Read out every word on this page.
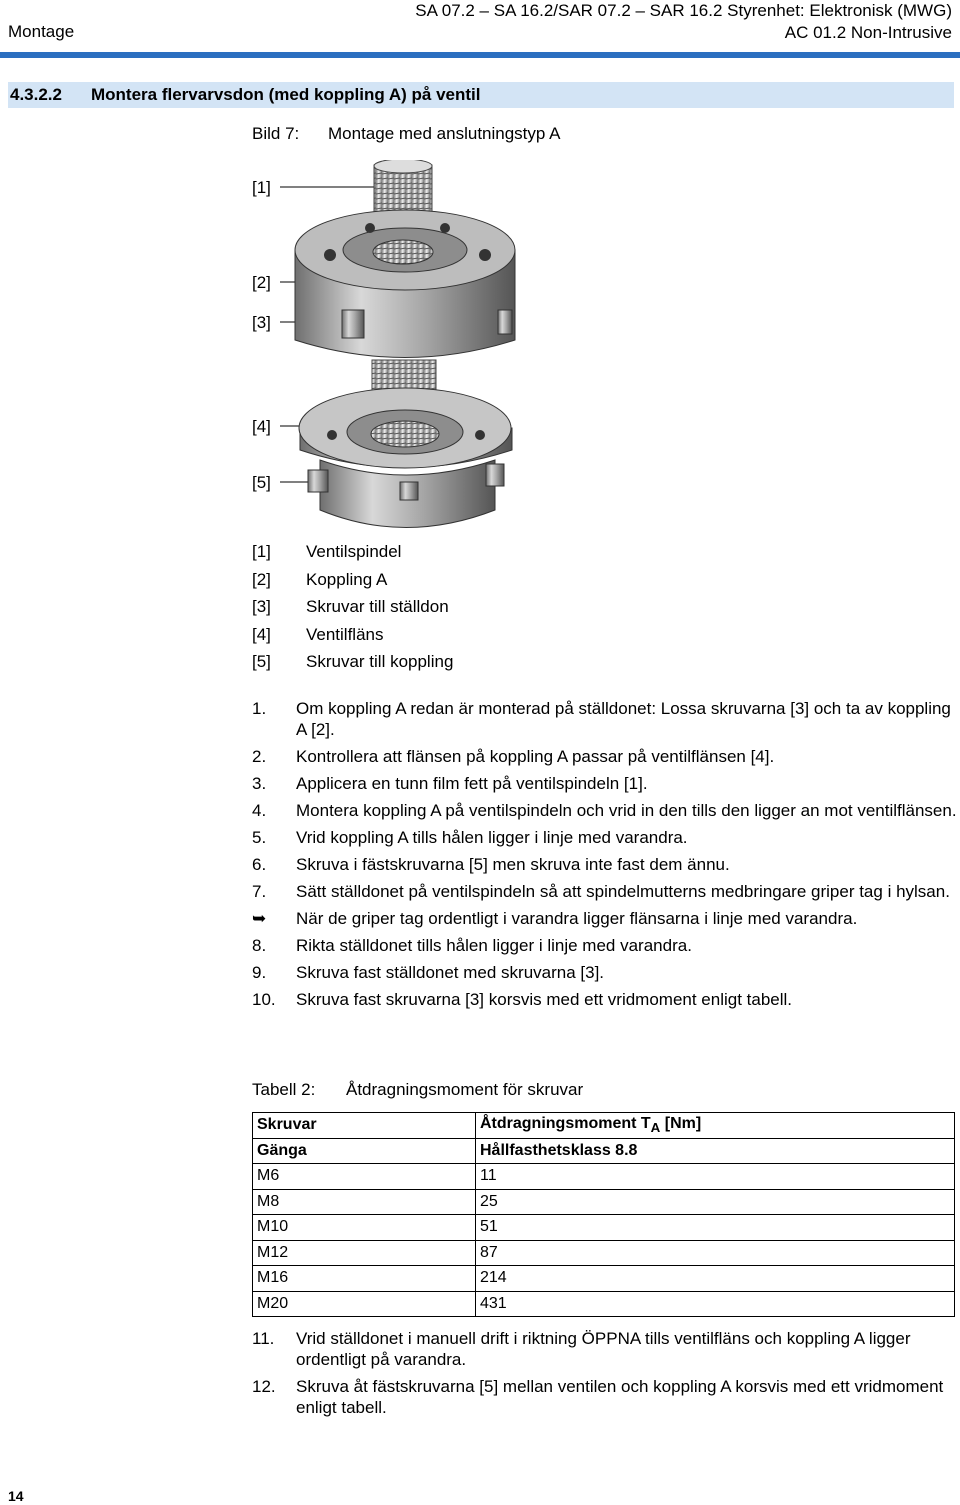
Montage
SA 07.2 – SA 16.2/SAR 07.2 – SAR 16.2 Styrenhet: Elektronisk (MWG)
AC 01.2 Non-Intrusive
4.3.2.2 Montera flervarvsdon (med koppling A) på ventil
Bild 7: Montage med anslutningstyp A
[1]
[2]
[3]
[4]
[5]
[1] Ventilspindel
[2] Koppling A
[3] Skruvar till ställdon
[4] Ventilfläns
[5] Skruvar till koppling
1. Om koppling A redan är monterad på ställdonet: Lossa skruvarna [3] och ta av koppling A [2].
2. Kontrollera att flänsen på koppling A passar på ventilflänsen [4].
3. Applicera en tunn film fett på ventilspindeln [1].
4. Montera koppling A på ventilspindeln och vrid in den tills den ligger an mot ventilflänsen.
5. Vrid koppling A tills hålen ligger i linje med varandra.
6. Skruva i fästskruvarna [5] men skruva inte fast dem ännu.
7. Sätt ställdonet på ventilspindeln så att spindelmutterns medbringare griper tag i hylsan.
➥ När de griper tag ordentligt i varandra ligger flänsarna i linje med varandra.
8. Rikta ställdonet tills hålen ligger i linje med varandra.
9. Skruva fast ställdonet med skruvarna [3].
10. Skruva fast skruvarna [3] korsvis med ett vridmoment enligt tabell.
Tabell 2: Åtdragningsmoment för skruvar
Skruvar	Åtdragningsmoment $T_A$ [Nm]
Gänga	Hållfasthetsklass 8.8
M6	11
M8	25
M10	51
M12	87
M16	214
M20	431
11. Vrid ställdonet i manuell drift i riktning ÖPPNA tills ventilfläns och koppling A ligger ordentligt på varandra.
12. Skruva åt fästskruvarna [5] mellan ventilen och koppling A korsvis med ett vridmoment enligt tabell.
14
